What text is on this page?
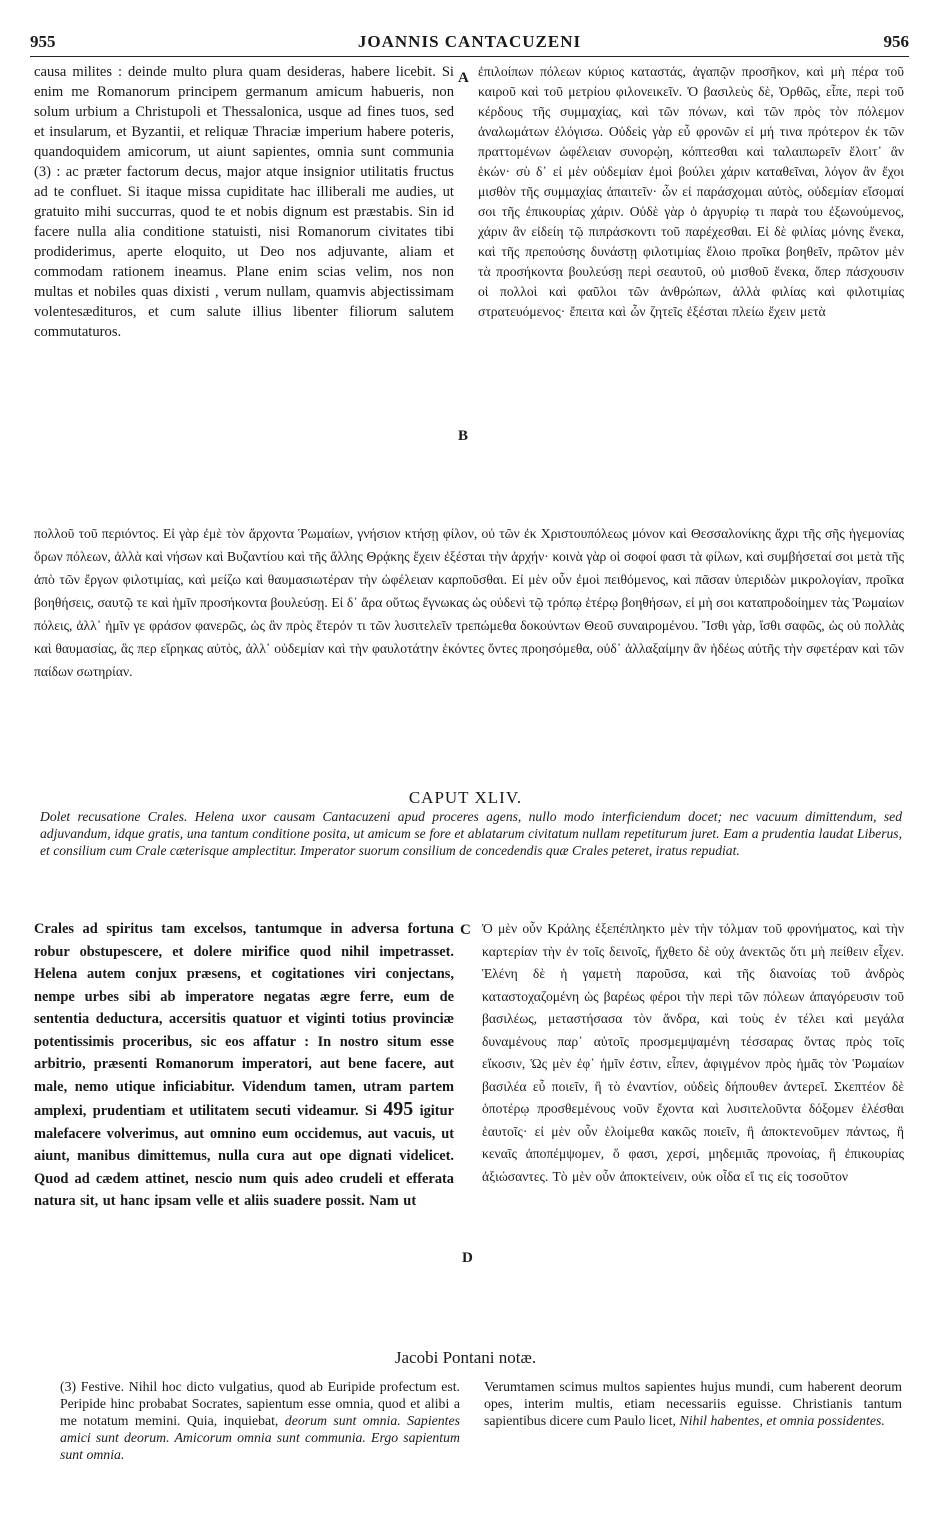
955	JOANNIS CANTACUZENI	956

causa milites : deinde multo plura quam desideras, habere licebit. Si enim me Romanorum principem germanum amicum habueris, non solum urbium a Christupoli et Thessalonica, usque ad fines tuos, sed et insularum, et Byzantii, et reliquæ Thraciæ imperium habere poteris, quandoquidem amicorum, ut aiunt sapientes, omnia sunt communia (3) : ac præter factorum decus, major atque insignior utilitatis fructus ad te confluet. Si itaque missa cupiditate hac illiberali me audies, ut gratuito mihi succurras, quod te et nobis dignum est præstabis. Sin id facere nulla alia conditione statuisti, nisi Romanorum civitates tibi prodiderimus, aperte eloquito, ut Deo nos adjuvante, aliam et commodam rationem ineamus. Plane enim scias velim, nos non multas et nobiles quas dixisti , verum nullam, quamvis abjectissimam volentesædituros, et cum salute illius libenter filiorum salutem commutaturos.

A
B

ἐπιλοίπων πόλεων κύριος καταστάς, ἀγαπῷν προσῆκον, καὶ μὴ πέρα τοῦ καιροῦ καὶ τοῦ μετρίου φιλονεικεῖν. Ὁ βασιλεὺς δὲ, Ὀρθῶς, εἶπε, περὶ τοῦ κέρδους τῆς συμμαχίας, καὶ τῶν πόνων, καὶ τῶν πρὸς τὸν πόλεμον ἀναλωμάτων ἐλόγισω. Οὐδεὶς γὰρ εὖ φρονῶν εἰ μή τινα πρότερον ἐκ τῶν πραττομένων ὠφέλειαν συνορῴη, κόπτεσθαι καὶ ταλαιπωρεῖν ἕλοιτ᾽ ἂν ἑκών· σὺ δ᾽ εἰ μὲν οὐδεμίαν ἐμοὶ βούλει χάριν καταθεῖναι, λόγον ἂν ἔχοι μισθὸν τῆς συμμαχίας ἀπαιτεῖν· ὧν εἰ παράσχομαι αὐτὸς, οὐδεμίαν εἴσομαί σοι τῆς ἐπικουρίας χάριν. Οὐδὲ γὰρ ὁ ἀργυρίῳ τι παρὰ του ἐξωνούμενος, χάριν ἂν εἰδείη τῷ πιπράσκοντι τοῦ παρέχεσθαι. Εἰ δὲ φιλίας μόνης ἕνεκα, καὶ τῆς πρεπούσης δυνάστῃ φιλοτιμίας ἕλοιο προῖκα βοηθεῖν, πρῶτον μὲν τὰ προσήκοντα βουλεύσῃ περὶ σεαυτοῦ, οὐ μισθοῦ ἕνεκα, ὅπερ πάσχουσιν οἱ πολλοὶ καὶ φαῦλοι τῶν ἀνθρώπων, ἀλλὰ φιλίας καὶ φιλοτιμίας στρατευόμενος· ἔπειτα καὶ ὧν ζητεῖς ἐξέσται πλείω ἔχειν μετὰ

πολλοῦ τοῦ περιόντος. Εἰ γὰρ ἐμὲ τὸν ἄρχοντα Ῥωμαίων, γνήσιον κτήσῃ φίλον, οὐ τῶν ἐκ Χριστουπόλεως μόνον καὶ Θεσσαλονίκης ἄχρι τῆς σῆς ἡγεμονίας ὅρων πόλεων, ἀλλὰ καὶ νήσων καὶ Βυζαντίου καὶ τῆς ἄλλης Θρᾴκης ἔχειν ἐξέσται τὴν ἀρχήν· κοινὰ γὰρ οἱ σοφοί φασι τὰ φίλων, καὶ συμβήσεταί σοι μετὰ τῆς ἀπὸ τῶν ἔργων φιλοτιμίας, καὶ μείζω καὶ θαυμασιωτέραν τὴν ὠφέλειαν καρποῦσθαι. Εἰ μὲν οὖν ἐμοὶ πειθόμενος, καὶ πᾶσαν ὑπεριδὼν μικρολογίαν, προῖκα βοηθήσεις, σαυτῷ τε καὶ ἡμῖν προσήκοντα βουλεύσῃ. Εἰ δ᾽ ἄρα οὕτως ἔγνωκας ὡς οὐδενὶ τῷ τρόπῳ ἑτέρῳ βοηθήσων, εἰ μὴ σοι καταπροδοίημεν τὰς Ῥωμαίων πόλεις, ἀλλ᾽ ἡμῖν γε φράσον φανερῶς, ὡς ἂν πρὸς ἕτερόν τι τῶν λυσιτελεῖν τρεπώμεθα δοκούντων Θεοῦ συναιρομένου. Ἴσθι γὰρ, ἴσθι σαφῶς, ὡς οὐ πολλὰς καὶ θαυμασίας, ἃς περ εἴρηκας αὐτὸς, ἀλλ᾽ οὐδεμίαν καὶ τὴν φαυλοτάτην ἑκόντες ὄντες προησόμεθα, οὐδ᾽ ἀλλαξαίμην ἂν ἡδέως αὐτῆς τὴν σφετέραν καὶ τῶν παίδων σωτηρίαν.
CAPUT XLIV.
Dolet recusatione Crales. Helena uxor causam Cantacuzeni apud proceres agens, nullo modo interficiendum docet; nec vacuum dimittendum, sed adjuvandum, idque gratis, una tantum conditione posita, ut amicum se fore et ablatarum civitatum nullam repetiturum juret. Eam a prudentia laudat Liberus, et consilium cum Crale cæterisque amplectitur. Imperator suorum consilium de concedendis quæ Crales peteret, iratus repudiat.

Crales ad spiritus tam excelsos, tantumque in adversa fortuna robur obstupescere, et dolere mirifice quod nihil impetrasset. Helena autem conjux præsens, et cogitationes viri conjectans, nempe urbes sibi ab imperatore negatas ægre ferre, eum de sententia deductura, accersitis quatuor et viginti totius provinciæ potentissimis proceribus, sic eos affatur : In nostro situm esse arbitrio, præsenti Romanorum imperatori, aut bene facere, aut male, nemo utique inficiabitur. Videndum tamen, utram partem amplexi, prudentiam et utilitatem secuti videamur. Si 495 igitur malefacere volverimus, aut omnino eum occidemus, aut vacuis, ut aiunt, manibus dimittemus, nulla cura aut ope dignati videlicet. Quod ad cædem attinet, nescio num quis adeo crudeli et efferata natura sit, ut hanc ipsam velle et aliis suadere possit. Nam ut

C
D

Ὁ μὲν οὖν Κράλης ἐξεπέπληκτο μὲν τὴν τόλμαν τοῦ φρονήματος, καὶ τὴν καρτερίαν τὴν ἐν τοῖς δεινοῖς, ἤχθετο δὲ οὐχ ἀνεκτῶς ὅτι μὴ πείθειν εἶχεν. Ἑλένη δὲ ἡ γαμετὴ παροῦσα, καὶ τῆς διανοίας τοῦ ἀνδρὸς καταστοχαζομένη ὡς βαρέως φέροι τὴν περὶ τῶν πόλεων ἀπαγόρευσιν τοῦ βασιλέως, μεταστήσασα τὸν ἄνδρα, καὶ τοὺς ἐν τέλει καὶ μεγάλα δυναμένους παρ᾽ αὐτοῖς προσμεμψαμένη τέσσαρας ὄντας πρὸς τοῖς εἴκοσιν, Ὡς μὲν ἐφ᾽ ἡμῖν ἐστιν, εἶπεν, ἀφιγμένον πρὸς ἡμᾶς τὸν Ῥωμαίων βασιλέα εὖ ποιεῖν, ἢ τὸ ἐναντίον, οὐδεὶς δήπουθεν ἀντερεῖ. Σκεπτέον δὲ ὁποτέρῳ προσθεμένους νοῦν ἔχοντα καὶ λυσιτελοῦντα δόξομεν ἑλέσθαι ἑαυτοῖς· εἰ μὲν οὖν ἑλοίμεθα κακῶς ποιεῖν, ἢ ἀποκτενοῦμεν πάντως, ἢ κεναῖς ἀποπέμψομεν, ὅ φασι, χερσί, μηδεμιᾶς προνοίας, ἢ ἐπικουρίας ἀξιώσαντες. Τὸ μὲν οὖν ἀποκτείνειν, οὐκ οἶδα εἴ τις εἰς τοσοῦτον

Jacobi Pontani notæ.
(3) Festive. Nihil hoc dicto vulgatius, quod ab Euripide profectum est. Peripide hinc probabat Socrates, sapientum esse omnia, quod et alibi a me notatum memini. Quia, inquiebat, deorum sunt omnia. Sapientes amici sunt deorum. Amicorum omnia sunt communia. Ergo sapientum sunt omnia.
Verumtamen scimus multos sapientes hujus mundi, cum haberent deorum opes, interim multis, etiam necessariis eguisse. Christianis tantum sapientibus dicere cum Paulo licet, Nihil habentes, et omnia possidentes.
